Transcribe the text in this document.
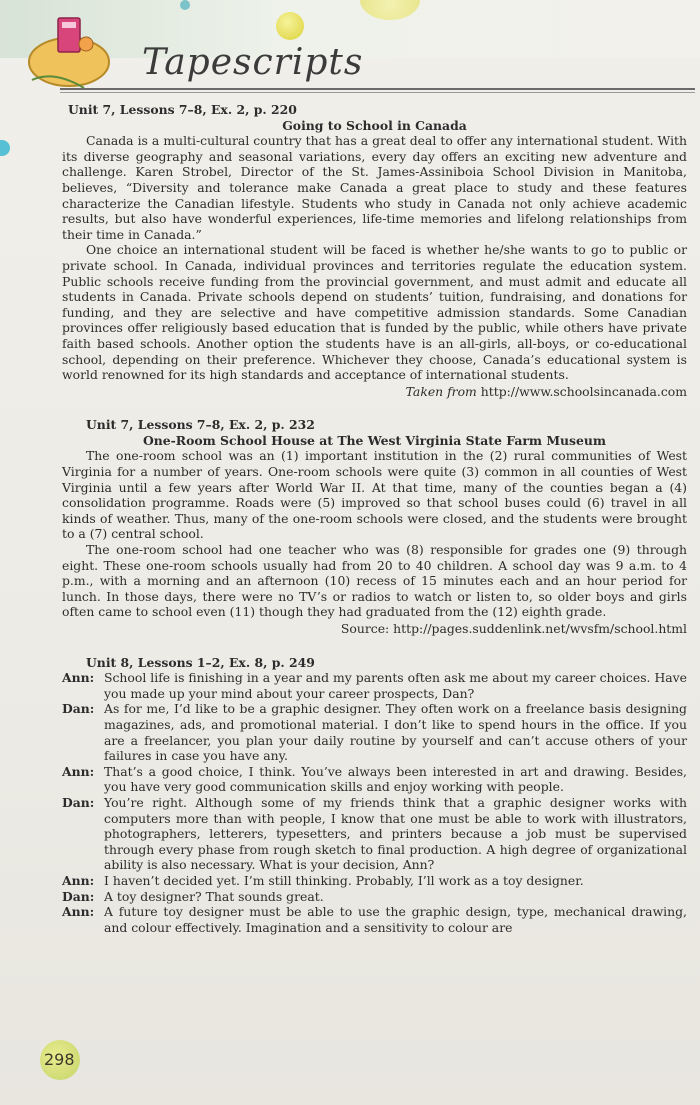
Tapescripts
Unit 7, Lessons 7–8, Ex. 2, p. 220
Going to School in Canada

Canada is a multi-cultural country that has a great deal to offer any international student. With its diverse geography and seasonal variations, every day offers an exciting new adventure and challenge. Karen Strobel, Director of the St. James-Assiniboia School Division in Manitoba, believes, “Diversity and tolerance make Canada a great place to study and these features characterize the Canadian lifestyle. Students who study in Canada not only achieve academic results, but also have wonderful experiences, life-time memories and lifelong relationships from their time in Canada.”

One choice an international student will be faced is whether he/she wants to go to public or private school. In Canada, individual provinces and territories regulate the education system. Public schools receive funding from the provincial government, and must admit and educate all students in Canada. Private schools depend on students’ tuition, fundraising, and donations for funding, and they are selective and have competitive admission standards. Some Canadian provinces offer religiously based education that is funded by the public, while others have private faith based schools. Another option the students have is an all-girls, all-boys, or co-educational school, depending on their preference. Whichever they choose, Canada’s educational system is world renowned for its high standards and acceptance of international students.

Taken from http://www.schoolsincanada.com
Unit 7, Lessons 7–8, Ex. 2, p. 232
One-Room School House at The West Virginia State Farm Museum

The one-room school was an (1) important institution in the (2) rural communities of West Virginia for a number of years. One-room schools were quite (3) common in all counties of West Virginia until a few years after World War II. At that time, many of the counties began a (4) consolidation programme. Roads were (5) improved so that school buses could (6) travel in all kinds of weather. Thus, many of the one-room schools were closed, and the students were brought to a (7) central school.

The one-room school had one teacher who was (8) responsible for grades one (9) through eight. These one-room schools usually had from 20 to 40 children. A school day was 9 a.m. to 4 p.m., with a morning and an afternoon (10) recess of 15 minutes each and an hour period for lunch. In those days, there were no TV’s or radios to watch or listen to, so older boys and girls often came to school even (11) though they had graduated from the (12) eighth grade.

Source: http://pages.suddenlink.net/wvsfm/school.html
Unit 8, Lessons 1–2, Ex. 8, p. 249
Ann: School life is finishing in a year and my parents often ask me about my career choices. Have you made up your mind about your career prospects, Dan?
Dan: As for me, I’d like to be a graphic designer. They often work on a freelance basis designing magazines, ads, and promotional material. I don’t like to spend hours in the office. If you are a freelancer, you plan your daily routine by yourself and can’t accuse others of your failures in case you have any.
Ann: That’s a good choice, I think. You’ve always been interested in art and drawing. Besides, you have very good communication skills and enjoy working with people.
Dan: You’re right. Although some of my friends think that a graphic designer works with computers more than with people, I know that one must be able to work with illustrators, photographers, letterers, typesetters, and printers because a job must be supervised through every phase from rough sketch to final production. A high degree of organizational ability is also necessary. What is your decision, Ann?
Ann: I haven’t decided yet. I’m still thinking. Probably, I’ll work as a toy designer.
Dan: A toy designer? That sounds great.
Ann: A future toy designer must be able to use the graphic design, type, mechanical drawing, and colour effectively. Imagination and a sensitivity to colour are
298
